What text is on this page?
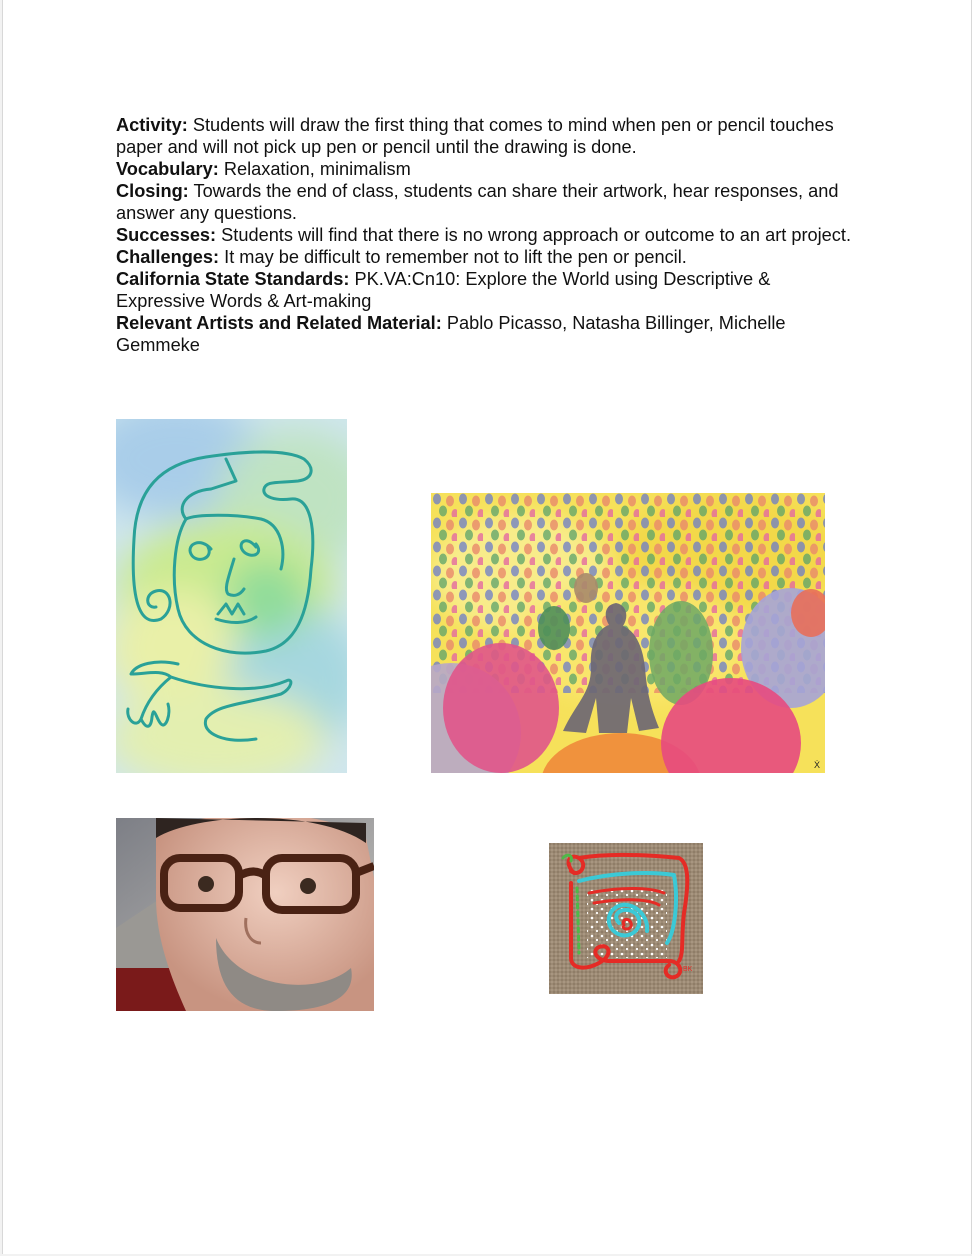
Activity: Students will draw the first thing that comes to mind when pen or pencil touches paper and will not pick up pen or pencil until the drawing is done.

Vocabulary: Relaxation, minimalism

Closing: Towards the end of class, students can share their artwork, hear responses, and answer any questions.

Successes: Students will find that there is no wrong approach or outcome to an art project.

Challenges: It may be difficult to remember not to lift the pen or pencil.

California State Standards: PK.VA:Cn10: Explore the World using Descriptive & Expressive Words & Art-making

Relevant Artists and Related Material: Pablo Picasso, Natasha Billinger, Michelle Gemmeke

Ẋ
BK
